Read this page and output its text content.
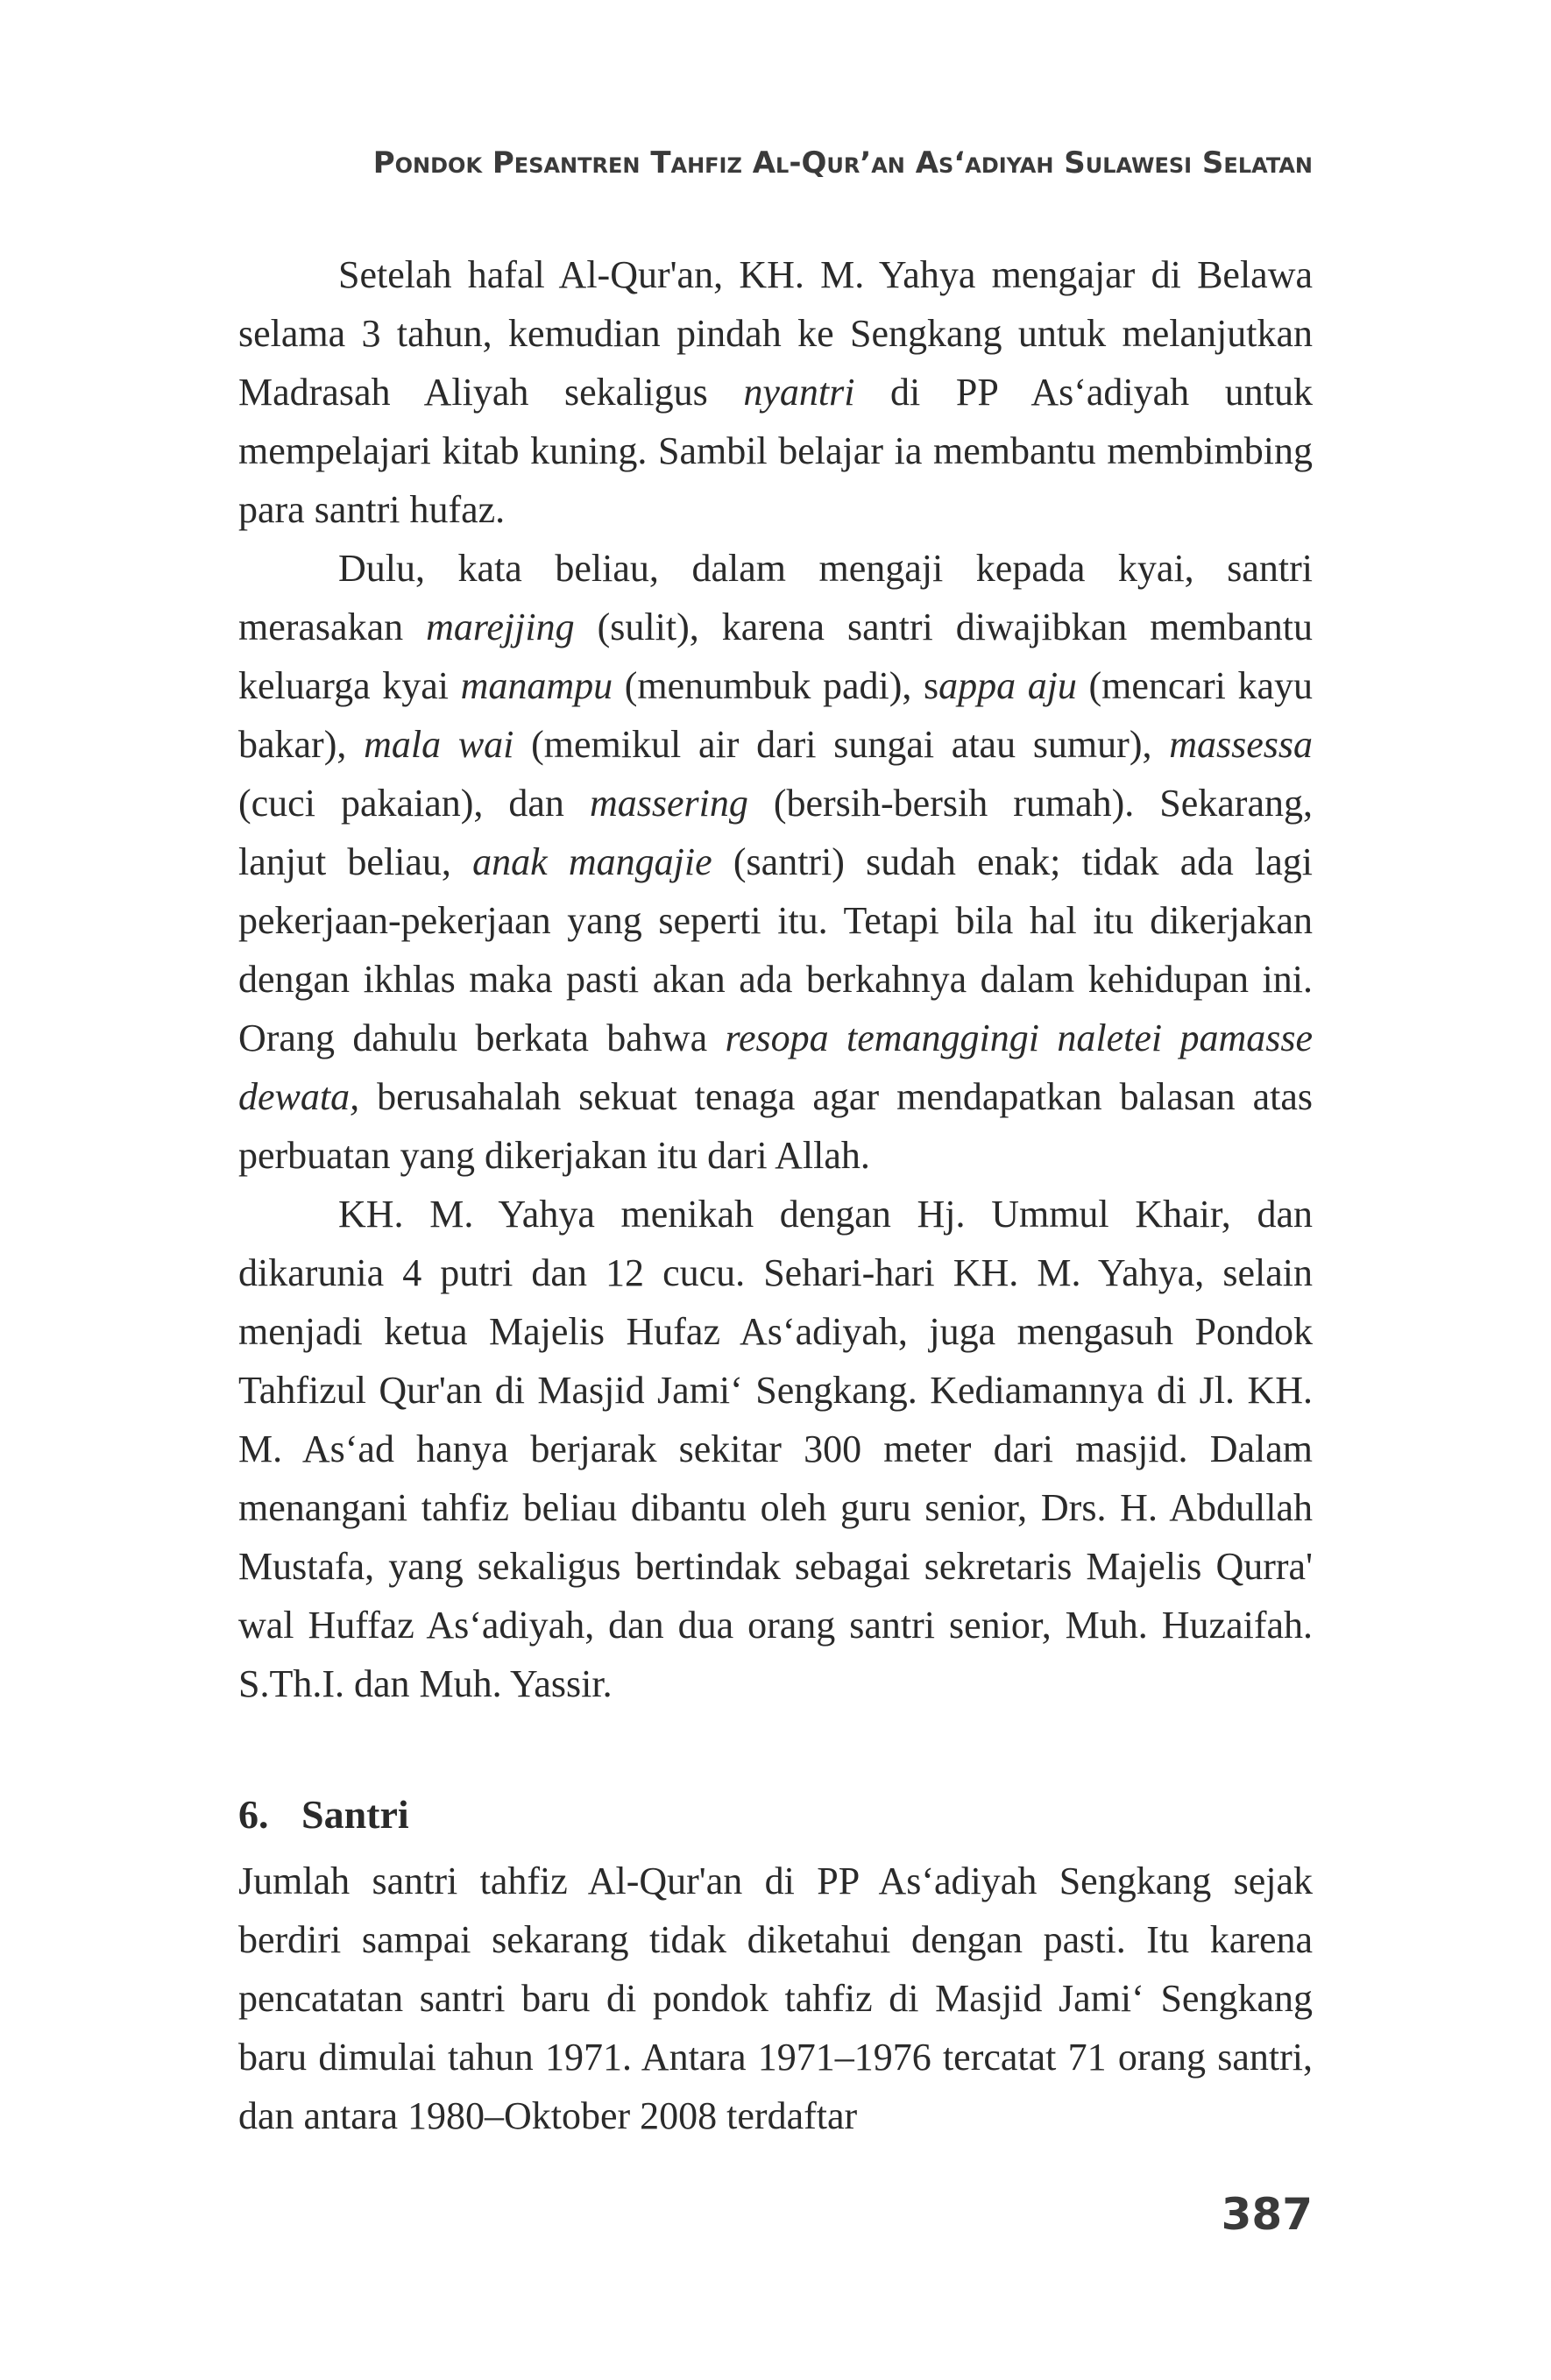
Pondok Pesantren Tahfiz Al-Qur’an As‘adiyah Sulawesi Selatan

Setelah hafal Al-Qur'an, KH. M. Yahya mengajar di Belawa selama 3 tahun, kemudian pindah ke Sengkang untuk melanjutkan Madrasah Aliyah sekaligus nyantri di PP As‘adiyah untuk mempelajari kitab kuning. Sambil belajar ia membantu membimbing para santri hufaz.

Dulu, kata beliau, dalam mengaji kepada kyai, santri merasakan marejjing (sulit), karena santri diwajibkan membantu keluarga kyai manampu (menumbuk padi), sappa aju (mencari kayu bakar), mala wai (memikul air dari sungai atau sumur), massessa (cuci pakaian), dan massering (bersih-bersih rumah). Sekarang, lanjut beliau, anak mangajie (santri) sudah enak; tidak ada lagi pekerjaan-pekerjaan yang seperti itu. Tetapi bila hal itu dikerjakan dengan ikhlas maka pasti akan ada berkahnya dalam kehidupan ini. Orang dahulu berkata bahwa resopa temanggingi naletei pamasse dewata, berusahalah sekuat tenaga agar mendapatkan balasan atas perbuatan yang dikerjakan itu dari Allah.

KH. M. Yahya menikah dengan Hj. Ummul Khair, dan dikarunia 4 putri dan 12 cucu. Sehari-hari KH. M. Yahya, selain menjadi ketua Majelis Hufaz As‘adiyah, juga mengasuh Pondok Tahfizul Qur'an di Masjid Jami‘ Sengkang. Kediamannya di Jl. KH. M. As‘ad hanya berjarak sekitar 300 meter dari masjid. Dalam menangani tahfiz beliau dibantu oleh guru senior, Drs. H. Abdullah Mustafa, yang sekaligus bertindak sebagai sekretaris Majelis Qurra' wal Huffaz As‘adiyah, dan dua orang santri senior, Muh. Huzaifah. S.Th.I. dan Muh. Yassir.

6. Santri

Jumlah santri tahfiz Al-Qur'an di PP As‘adiyah Sengkang sejak berdiri sampai sekarang tidak diketahui dengan pasti. Itu karena pencatatan santri baru di pondok tahfiz di Masjid Jami‘ Sengkang baru dimulai tahun 1971. Antara 1971–1976 tercatat 71 orang santri, dan antara 1980–Oktober 2008 terdaftar

387
